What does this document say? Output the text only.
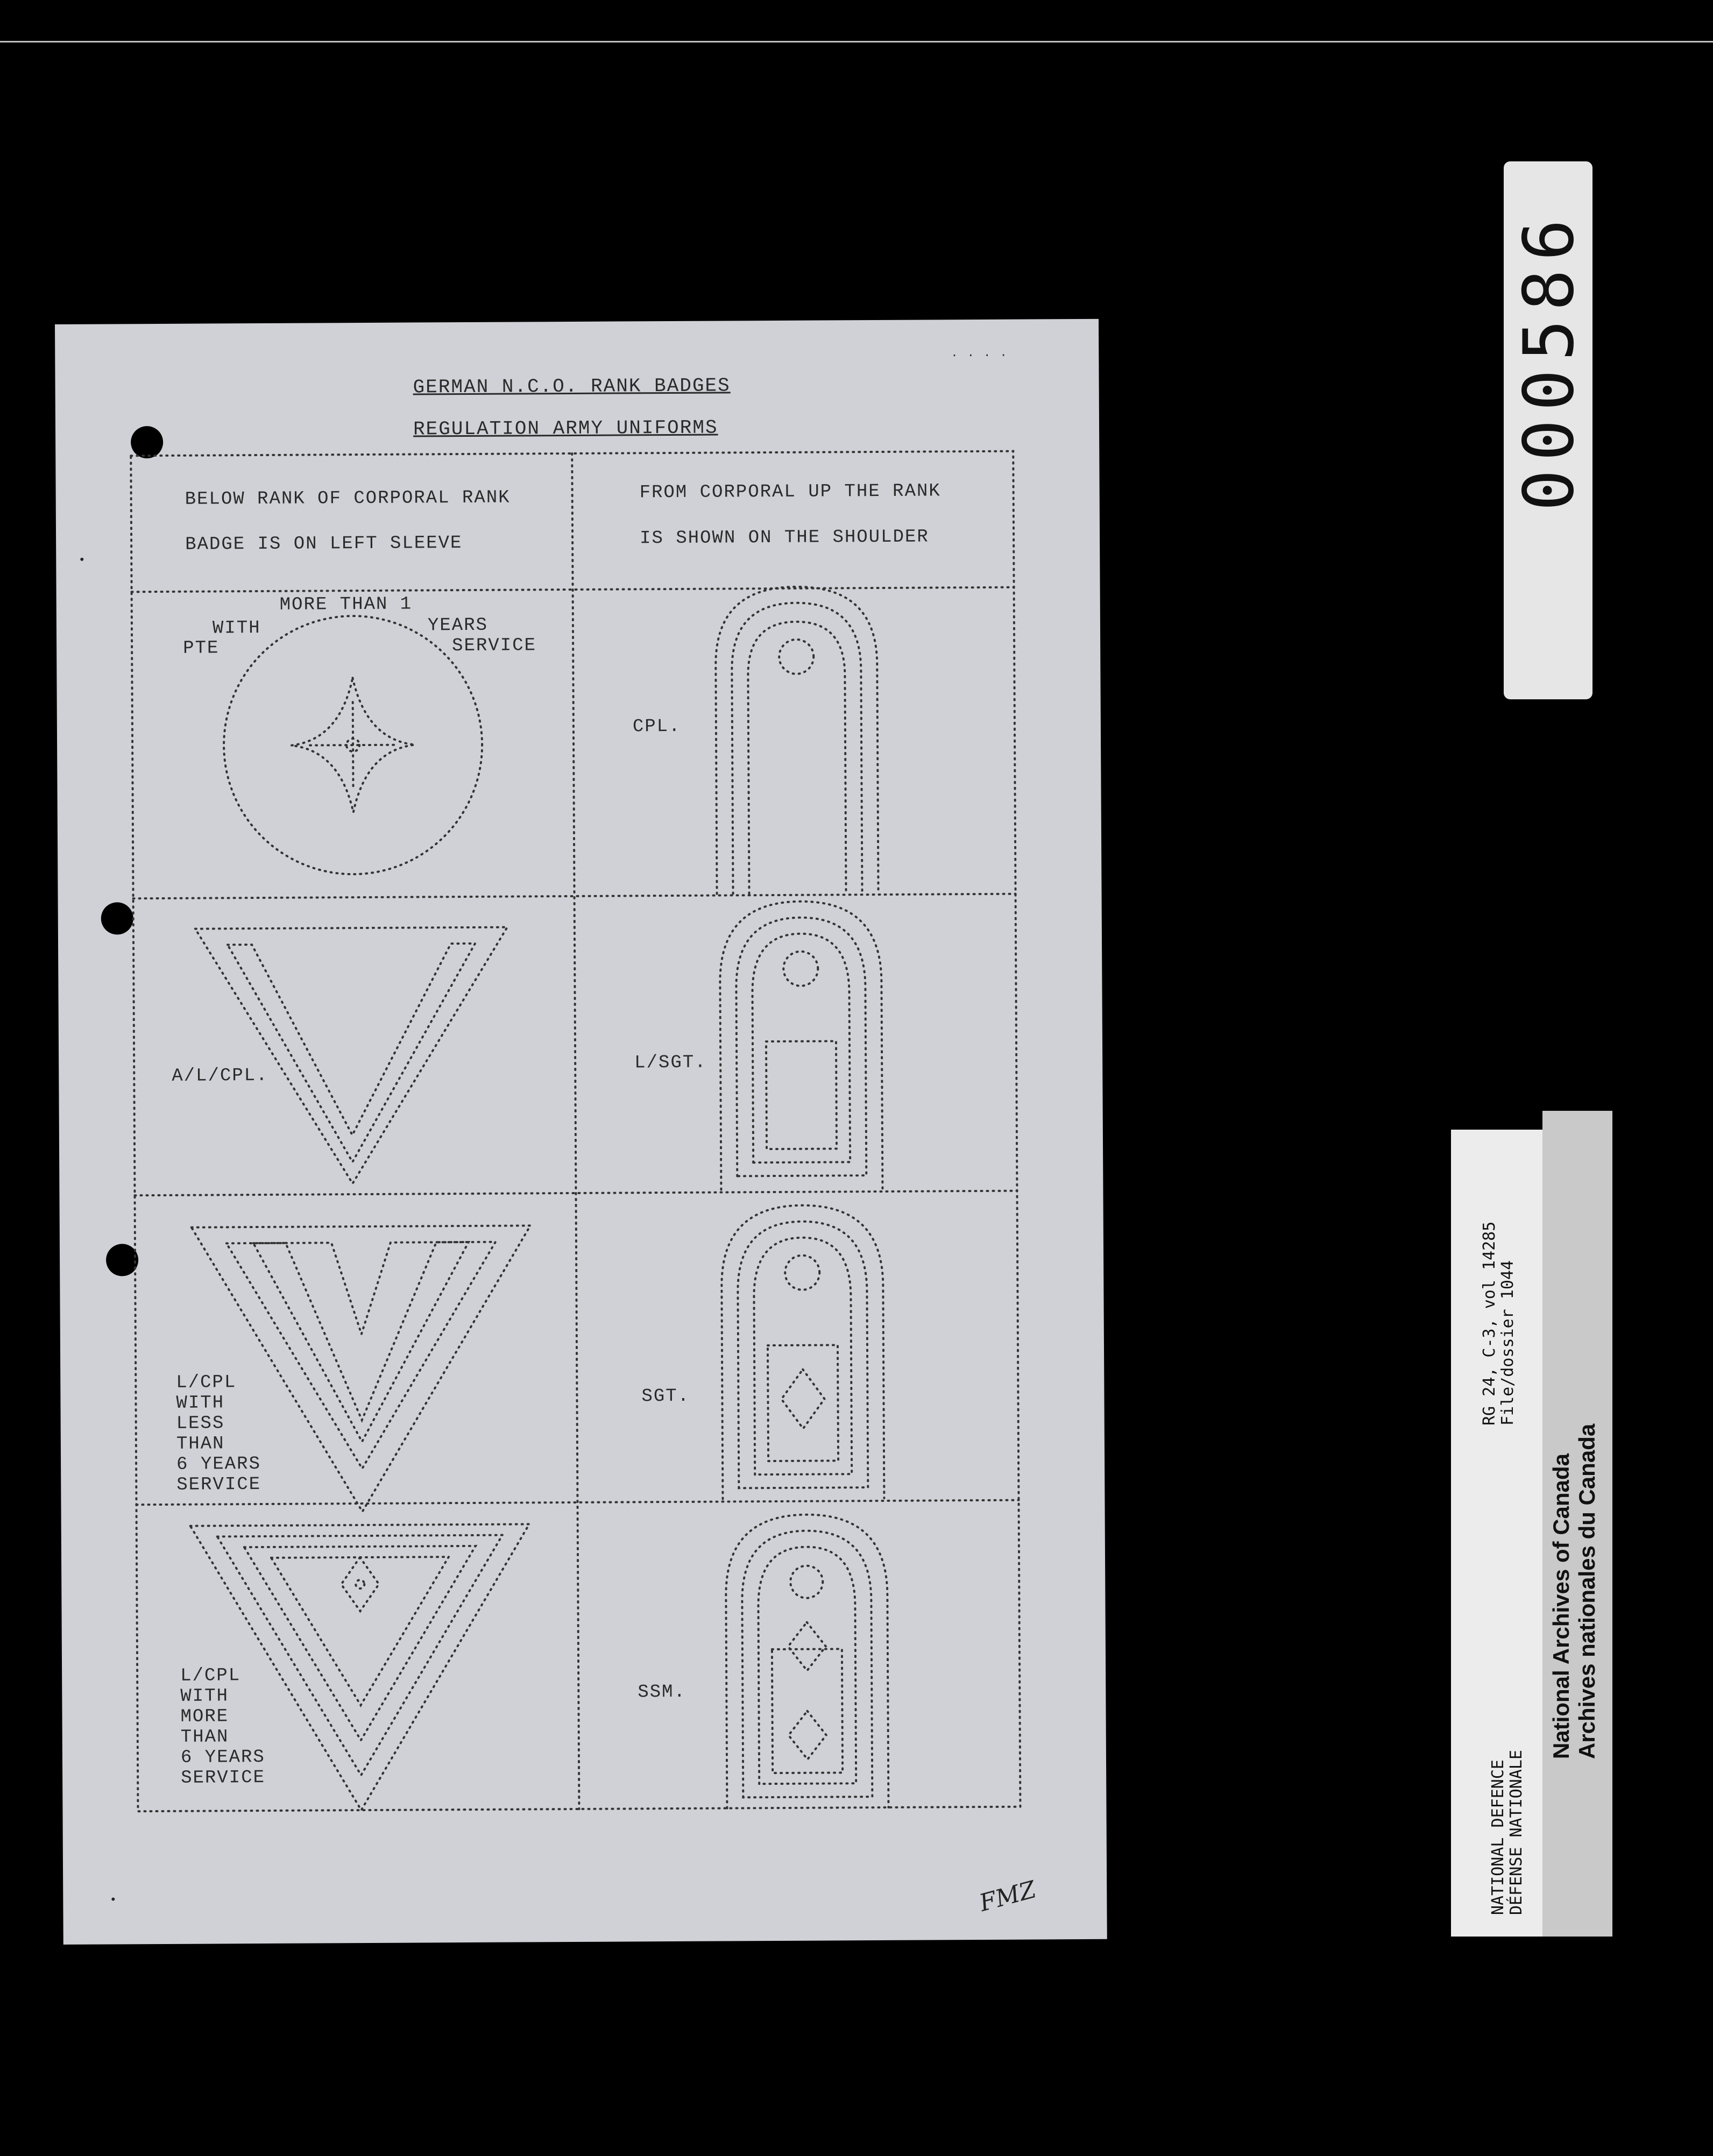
GERMAN N.C.O. RANK BADGES
REGULATION ARMY UNIFORMS
BELOW RANK OF CORPORAL RANK
BADGE IS ON LEFT SLEEVE
FROM CORPORAL UP THE RANK
IS SHOWN ON THE SHOULDER
PTE
WITH
MORE THAN 1
YEARS
SERVICE
A/L/CPL.
L/CPL
WITH
LESS
THAN
6 YEARS
SERVICE
L/CPL
WITH
MORE
THAN
6 YEARS
SERVICE
CPL.
L/SGT.
SGT.
SSM.
. . . .
FMZ
000586
NATIONAL DEFENCE DÉFENSE NATIONALE
RG 24, C-3, vol 14285 File/dossier 1044
National Archives of Canada Archives nationales du Canada
